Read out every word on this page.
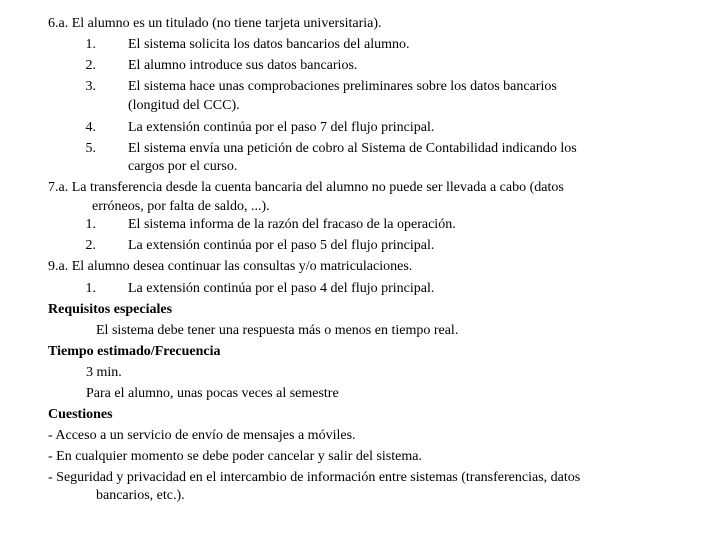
6.a. El alumno es un titulado (no tiene tarjeta universitaria).
1. El sistema solicita los datos bancarios del alumno.
2. El alumno introduce sus datos bancarios.
3. El sistema hace unas comprobaciones preliminares sobre los datos bancarios
(longitud del CCC).
4. La extensión continúa por el paso 7 del flujo principal.
5. El sistema envía una petición de cobro al Sistema de Contabilidad indicando los
cargos por el curso.
7.a. La transferencia desde la cuenta bancaria del alumno no puede ser llevada a cabo (datos
erróneos, por falta de saldo, ...).
1. El sistema informa de la razón del fracaso de la operación.
2. La extensión continúa por el paso 5 del flujo principal.
9.a. El alumno desea continuar las consultas y/o matriculaciones.
1. La extensión continúa por el paso 4 del flujo principal.
Requisitos especiales
El sistema debe tener una respuesta más o menos en tiempo real.
Tiempo estimado/Frecuencia
3 min.
Para el alumno, unas pocas veces al semestre
Cuestiones
- Acceso a un servicio de envío de mensajes a móviles.
- En cualquier momento se debe poder cancelar y salir del sistema.
- Seguridad y privacidad en el intercambio de información entre sistemas (transferencias, datos
bancarios, etc.).
